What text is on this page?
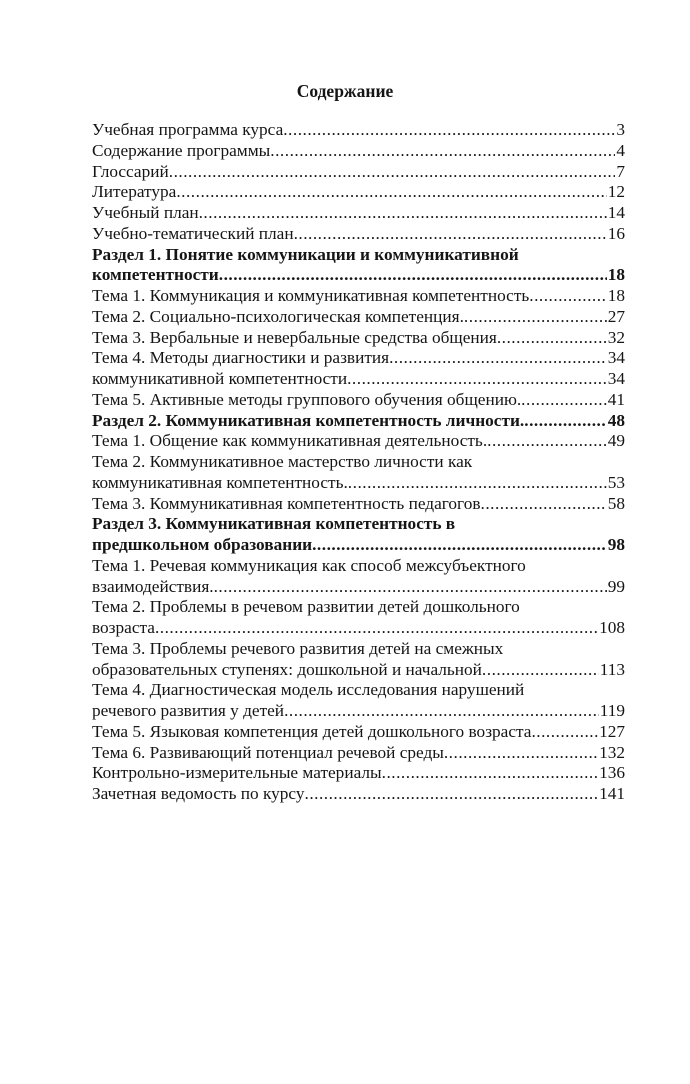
Содержание
Учебная программа курса .....	3
Содержание программы .....	4
Глоссарий .....	7
Литература .....	12
Учебный план .....	14
Учебно-тематический план .....	16
Раздел 1. Понятие коммуникации и коммуникативной
компетентности .....	18
Тема 1. Коммуникация и коммуникативная компетентность .....	18
Тема 2. Социально-психологическая компетенция. .....	27
Тема 3. Вербальные и невербальные средства общения .....	32
Тема 4. Методы диагностики и развития .....	34
коммуникативной компетентности .....	34
Тема 5. Активные методы группового обучения общению. .....	41
Раздел 2. Коммуникативная компетентность личности. .....	48
Тема 1. Общение как коммуникативная деятельность. .....	49
Тема 2. Коммуникативное мастерство личности как
коммуникативная компетентность. .....	53
Тема 3. Коммуникативная компетентность педагогов .....	58
Раздел 3. Коммуникативная компетентность в
предшкольном образовании .....	98
Тема 1. Речевая коммуникация как способ межсубъектного
взаимодействия. .....	99
Тема 2. Проблемы в речевом развитии детей дошкольного
возраста .....	108
Тема 3. Проблемы речевого развития детей на смежных
образовательных ступенях: дошкольной и начальной .....	113
Тема 4. Диагностическая модель исследования нарушений
речевого развития у детей .....	119
Тема 5. Языковая компетенция детей дошкольного возраста .....	127
Тема 6. Развивающий потенциал речевой среды .....	132
Контрольно-измерительные материалы .....	136
Зачетная ведомость по курсу .....	141
